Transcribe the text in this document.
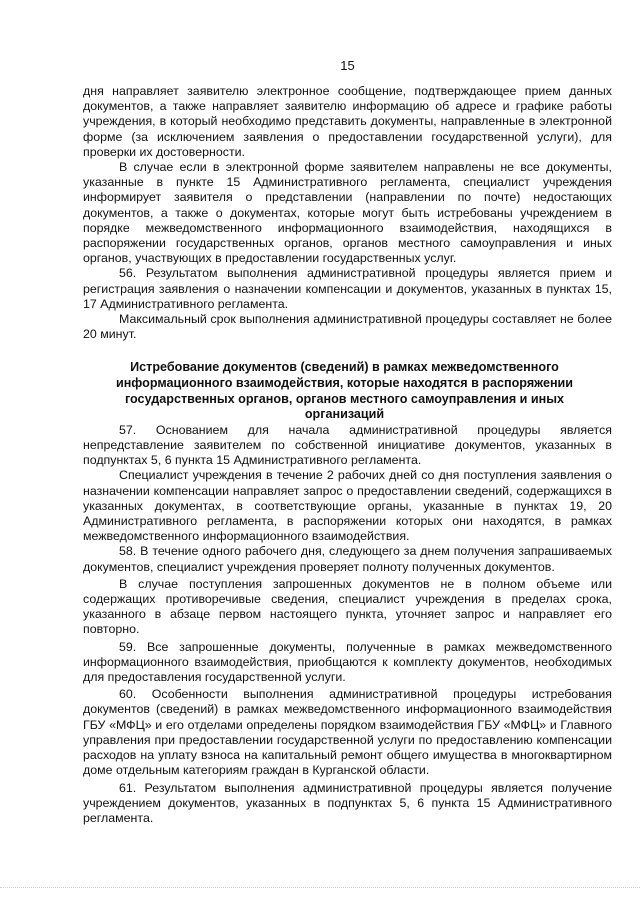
15

дня направляет заявителю электронное сообщение, подтверждающее прием данных документов, а также направляет заявителю информацию об адресе и графике работы учреждения, в который необходимо представить документы, направленные в электронной форме (за исключением заявления о предоставлении государственной услуги), для проверки их достоверности.

В случае если в электронной форме заявителем направлены не все документы, указанные в пункте 15 Административного регламента, специалист учреждения информирует заявителя о представлении (направлении по почте) недостающих документов, а также о документах, которые могут быть истребованы учреждением в порядке межведомственного информационного взаимодействия, находящихся в распоряжении государственных органов, органов местного самоуправления и иных органов, участвующих в предоставлении государственных услуг.

56. Результатом выполнения административной процедуры является прием и регистрация заявления о назначении компенсации и документов, указанных в пунктах 15, 17 Административного регламента.

Максимальный срок выполнения административной процедуры составляет не более 20 минут.

Истребование документов (сведений) в рамках межведомственного
информационного взаимодействия, которые находятся в распоряжении
государственных органов, органов местного самоуправления и иных
организаций

57. Основанием для начала административной процедуры является непредставление заявителем по собственной инициативе документов, указанных в подпунктах 5, 6 пункта 15 Административного регламента.

Специалист учреждения в течение 2 рабочих дней со дня поступления заявления о назначении компенсации направляет запрос о предоставлении сведений, содержащихся в указанных документах, в соответствующие органы, указанные в пунктах 19, 20 Административного регламента, в распоряжении которых они находятся, в рамках межведомственного информационного взаимодействия.

58. В течение одного рабочего дня, следующего за днем получения запрашиваемых документов, специалист учреждения проверяет полноту полученных документов.

В случае поступления запрошенных документов не в полном объеме или содержащих противоречивые сведения, специалист учреждения в пределах срока, указанного в абзаце первом настоящего пункта, уточняет запрос и направляет его повторно.

59. Все запрошенные документы, полученные в рамках межведомственного информационного взаимодействия, приобщаются к комплекту документов, необходимых для предоставления государственной услуги.

60. Особенности выполнения административной процедуры истребования документов (сведений) в рамках межведомственного информационного взаимодействия ГБУ «МФЦ» и его отделами определены порядком взаимодействия ГБУ «МФЦ» и Главного управления при предоставлении государственной услуги по предоставлению компенсации расходов на уплату взноса на капитальный ремонт общего имущества в многоквартирном доме отдельным категориям граждан в Курганской области.

61. Результатом выполнения административной процедуры является получение учреждением документов, указанных в подпунктах 5, 6 пункта 15 Административного регламента.
